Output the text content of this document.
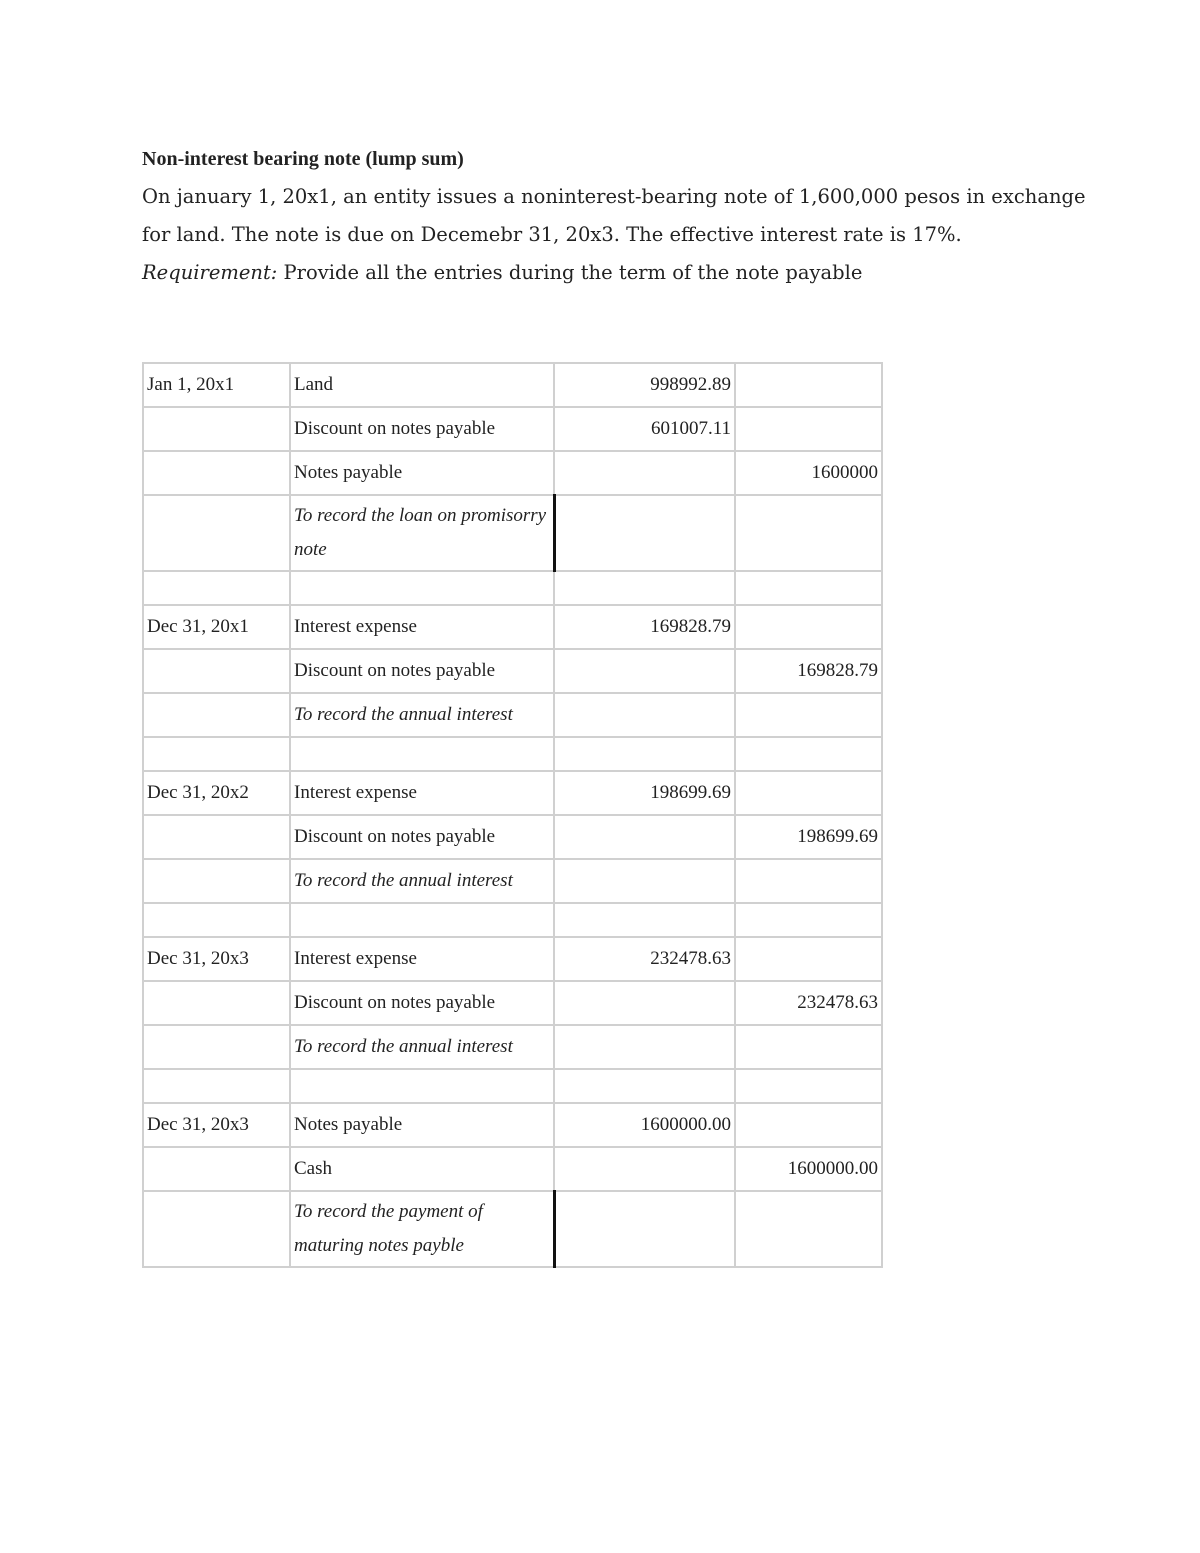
Non-interest bearing note (lump sum)

On january 1, 20x1, an entity issues a noninterest-bearing note of 1,600,000 pesos in exchange

for land. The note is due on Decemebr 31, 20x3. The effective interest rate is 17%.

Requirement: Provide all the entries during the term of the note payable

Jan 1, 20x1	Land	998992.89	
	Discount on notes payable	601007.11	
	Notes payable		1600000
	To record the loan on promisorry note		

Dec 31, 20x1	Interest expense	169828.79	
	Discount on notes payable		169828.79
	To record the annual interest		

Dec 31, 20x2	Interest expense	198699.69	
	Discount on notes payable		198699.69
	To record the annual interest		

Dec 31, 20x3	Interest expense	232478.63	
	Discount on notes payable		232478.63
	To record the annual interest		

Dec 31, 20x3	Notes payable	1600000.00	
	Cash		1600000.00
	To record the payment of maturing notes payble		
